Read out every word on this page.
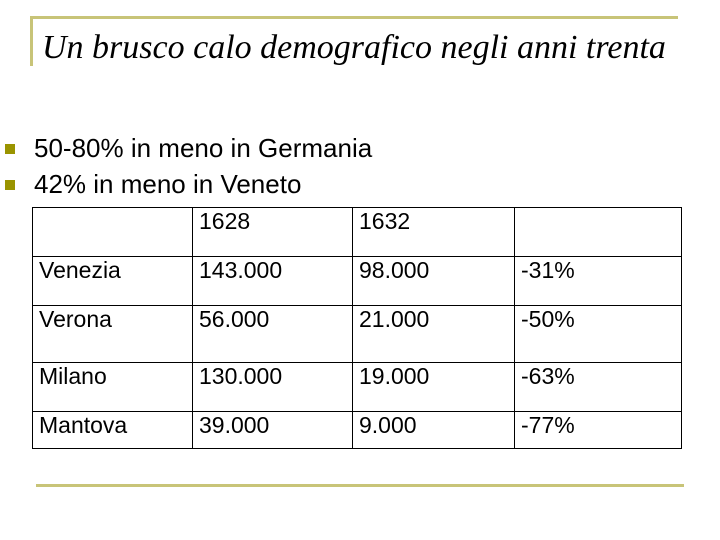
Un brusco calo demografico negli anni trenta
50-80% in meno in Germania
42% in meno in Veneto
	1628	1632	
Venezia	143.000	98.000	-31%
Verona	56.000	21.000	-50%
Milano	130.000	19.000	-63%
Mantova	39.000	9.000	-77%
